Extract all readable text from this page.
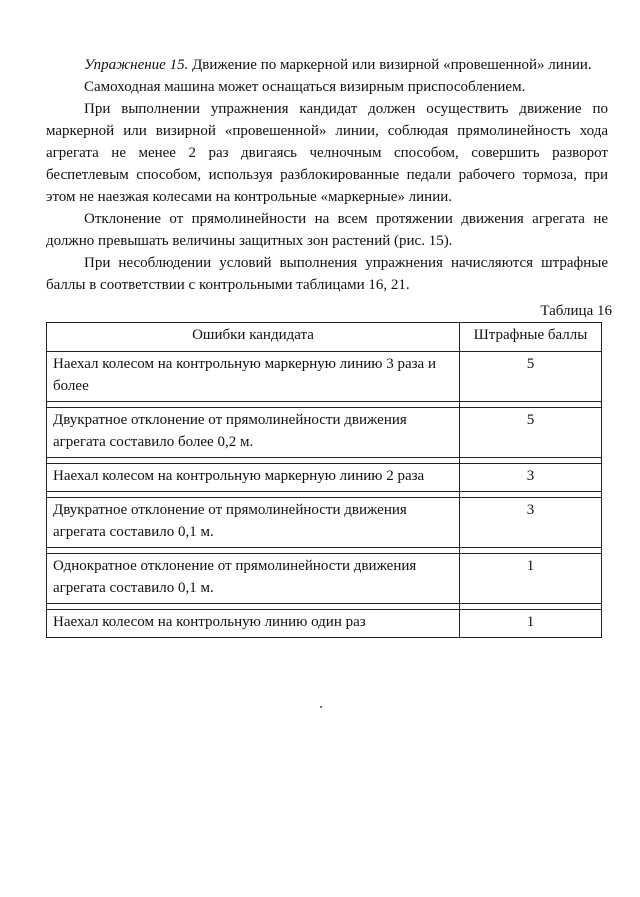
Упражнение 15. Движение по маркерной или визирной «провешенной» линии.

Самоходная машина может оснащаться визирным приспособлением.

При выполнении упражнения кандидат должен осуществить движение по маркерной или визирной «провешенной» линии, соблюдая прямолинейность хода агрегата не менее 2 раз двигаясь челночным способом, совершить разворот беспетлевым способом, используя разблокированные педали рабочего тормоза, при этом не наезжая колесами на контрольные «маркерные» линии.

Отклонение от прямолинейности на всем протяжении движения агрегата не должно превышать величины защитных зон растений (рис. 15).

При несоблюдении условий выполнения упражнения начисляются штрафные баллы в соответствии с контрольными таблицами 16, 21.

Таблица 16
Ошибки кандидата	Штрафные баллы
Наехал колесом на контрольную маркерную линию 3 раза и более	5

Двукратное отклонение от прямолинейности движения агрегата составило более 0,2 м.	5

Наехал колесом на контрольную маркерную линию 2 раза	3

Двукратное отклонение от прямолинейности движения агрегата составило 0,1 м.	3

Однократное отклонение от прямолинейности движения агрегата составило 0,1 м.	1

Наехал колесом на контрольную линию один раз	1
